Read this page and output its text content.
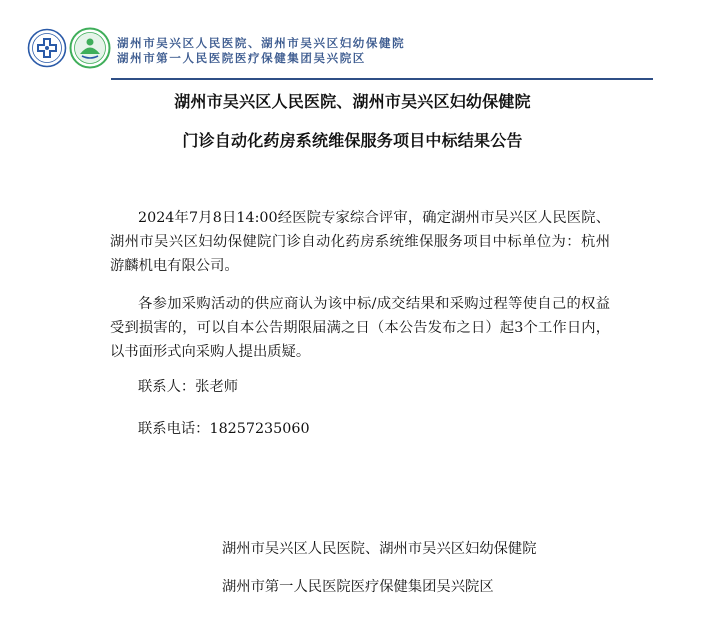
湖州市吴兴区人民医院、湖州市吴兴区妇幼保健院
湖州市第一人民医院医疗保健集团吴兴院区
湖州市吴兴区人民医院、湖州市吴兴区妇幼保健院
门诊自动化药房系统维保服务项目中标结果公告

2024年7月8日14:00经医院专家综合评审，确定湖州市吴兴区人民医院、湖州市吴兴区妇幼保健院门诊自动化药房系统维保服务项目中标单位为：杭州游麟机电有限公司。

各参加采购活动的供应商认为该中标/成交结果和采购过程等使自己的权益受到损害的，可以自本公告期限届满之日（本公告发布之日）起3个工作日内，以书面形式向采购人提出质疑。

联系人：张老师
联系电话：18257235060
湖州市吴兴区人民医院、湖州市吴兴区妇幼保健院
湖州市第一人民医院医疗保健集团吴兴院区
